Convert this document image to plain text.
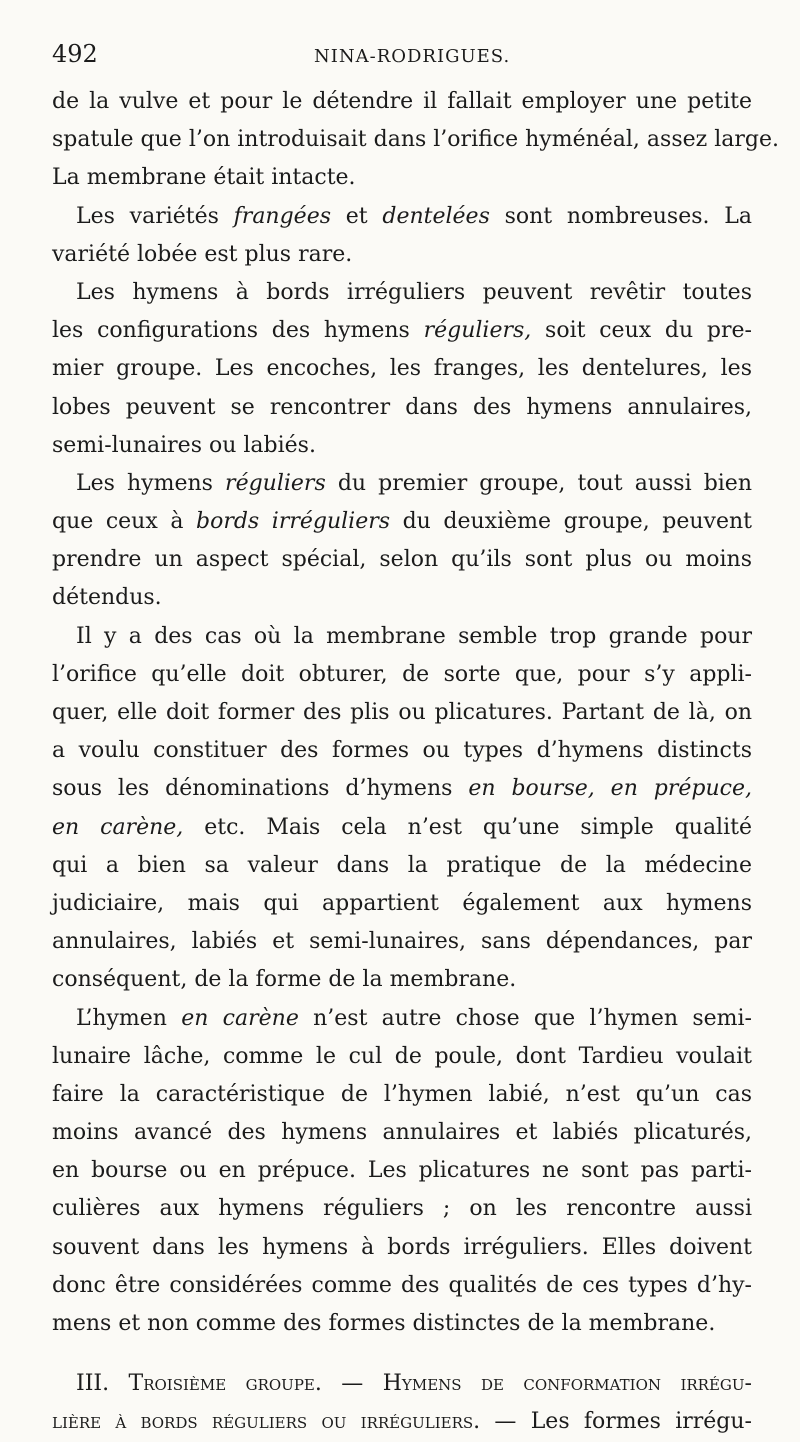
492	NINA-RODRIGUES.
de la vulve et pour le détendre il fallait employer une petite
spatule que l’on introduisait dans l’orifice hyménéal, assez large.
La membrane était intacte.
Les variétés frangées et dentelées sont nombreuses. La
variété lobée est plus rare.
Les hymens à bords irréguliers peuvent revêtir toutes
les configurations des hymens réguliers, soit ceux du pre-
mier groupe. Les encoches, les franges, les dentelures, les
lobes peuvent se rencontrer dans des hymens annulaires,
semi-lunaires ou labiés.
Les hymens réguliers du premier groupe, tout aussi bien
que ceux à bords irréguliers du deuxième groupe, peuvent
prendre un aspect spécial, selon qu’ils sont plus ou moins
détendus.
Il y a des cas où la membrane semble trop grande pour
l’orifice qu’elle doit obturer, de sorte que, pour s’y appli-
quer, elle doit former des plis ou plicatures. Partant de là, on
a voulu constituer des formes ou types d’hymens distincts
sous les dénominations d’hymens en bourse, en prépuce,
en carène, etc. Mais cela n’est qu’une simple qualité
qui a bien sa valeur dans la pratique de la médecine
judiciaire, mais qui appartient également aux hymens
annulaires, labiés et semi-lunaires, sans dépendances, par
conséquent, de la forme de la membrane.
L’hymen en carène n’est autre chose que l’hymen semi-
lunaire lâche, comme le cul de poule, dont Tardieu voulait
faire la caractéristique de l’hymen labié, n’est qu’un cas
moins avancé des hymens annulaires et labiés plicaturés,
en bourse ou en prépuce. Les plicatures ne sont pas parti-
culières aux hymens réguliers ; on les rencontre aussi
souvent dans les hymens à bords irréguliers. Elles doivent
donc être considérées comme des qualités de ces types d’hy-
mens et non comme des formes distinctes de la membrane.
III. Troisième groupe. — Hymens de conformation irrégu-
lière à bords réguliers ou irréguliers. — Les formes irrégu-
